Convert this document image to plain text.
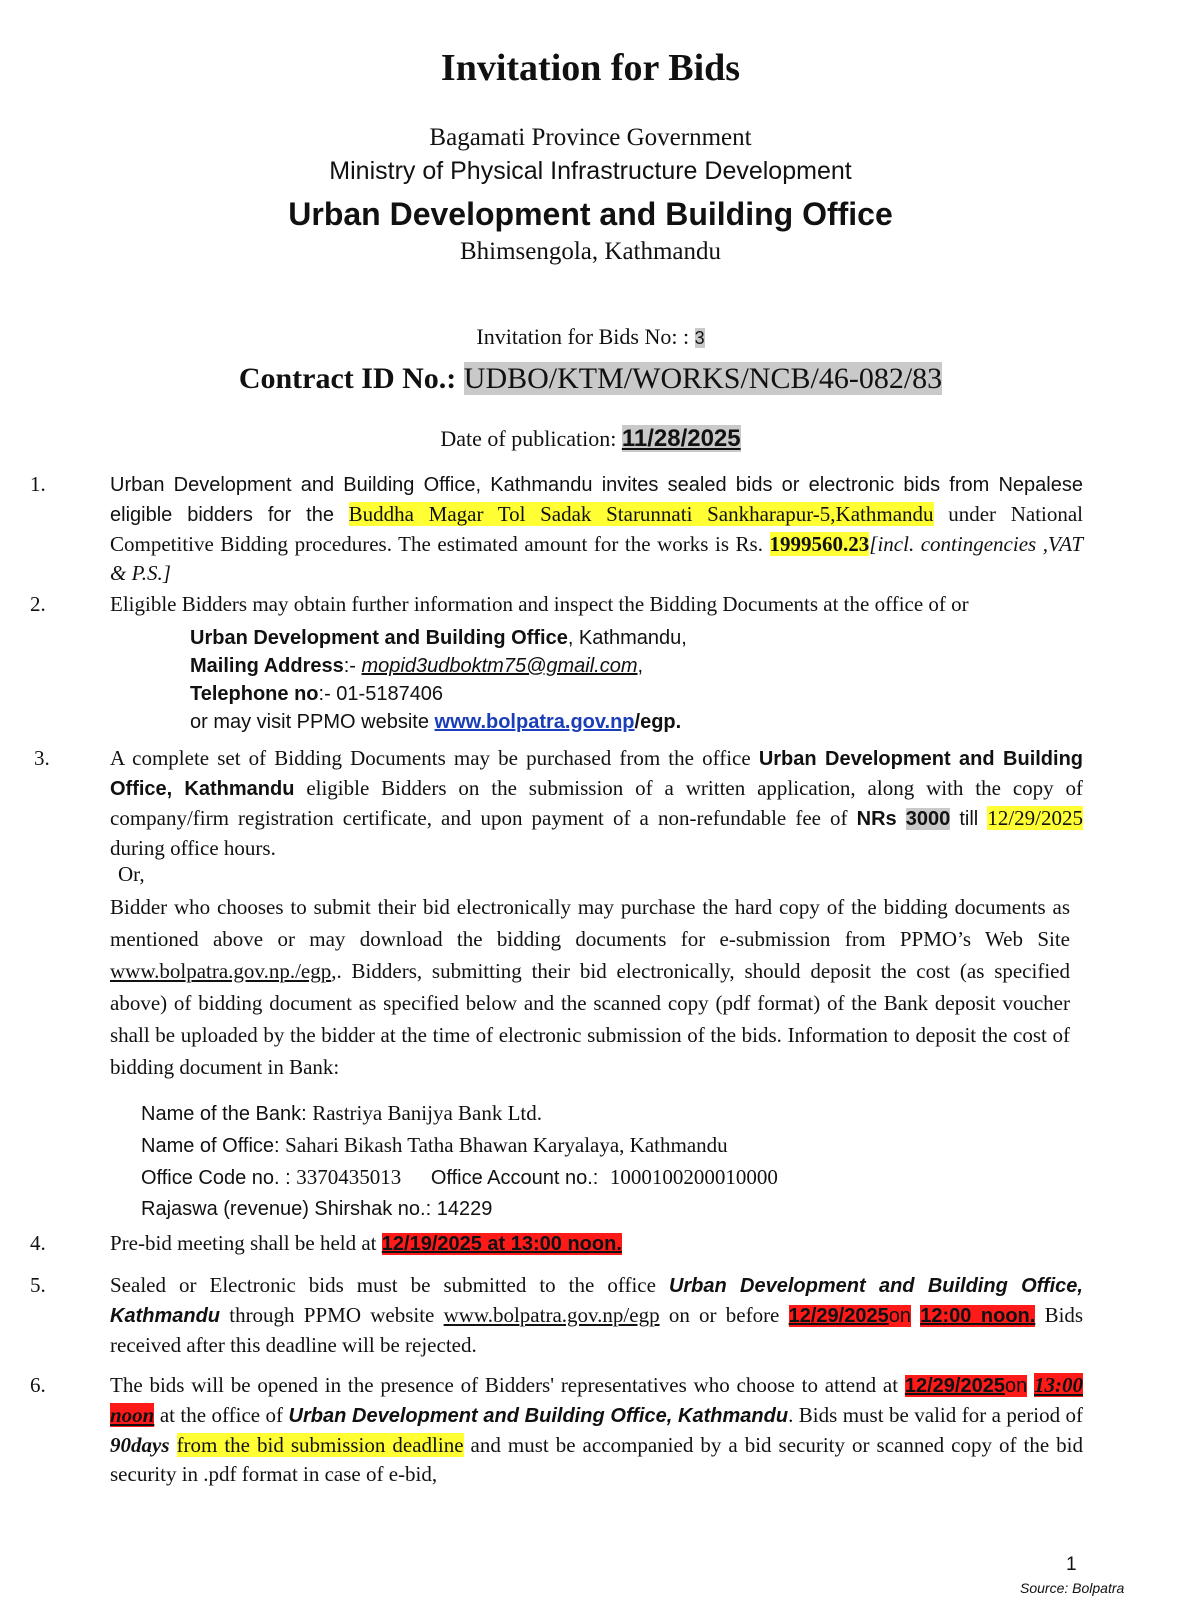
Invitation for Bids
Bagamati Province Government
Ministry of Physical Infrastructure Development
Urban Development and Building Office
Bhimsengola, Kathmandu
Invitation for Bids No: : 3
Contract ID No.: UDBO/KTM/WORKS/NCB/46-082/83
Date of publication: 11/28/2025
1.	Urban Development and Building Office, Kathmandu invites sealed bids or electronic bids from Nepalese eligible bidders for the Buddha Magar Tol Sadak Starunnati Sankharapur-5,Kathmandu under National Competitive Bidding procedures. The estimated amount for the works is Rs. 1999560.23[incl. contingencies ,VAT & P.S.]
2.	Eligible Bidders may obtain further information and inspect the Bidding Documents at the office of or
Urban Development and Building Office, Kathmandu,
Mailing Address:- mopid3udboktm75@gmail.com,
Telephone no:- 01-5187406
or may visit PPMO website www.bolpatra.gov.np/egp.
3.	A complete set of Bidding Documents may be purchased from the office Urban Development and Building Office, Kathmandu eligible Bidders on the submission of a written application, along with the copy of company/firm registration certificate, and upon payment of a non-refundable fee of NRs 3000 till 12/29/2025 during office hours.
Or,
Bidder who chooses to submit their bid electronically may purchase the hard copy of the bidding documents as mentioned above or may download the bidding documents for e-submission from PPMO’s Web Site www.bolpatra.gov.np./egp,. Bidders, submitting their bid electronically, should deposit the cost (as specified above) of bidding document as specified below and the scanned copy (pdf format) of the Bank deposit voucher shall be uploaded by the bidder at the time of electronic submission of the bids. Information to deposit the cost of bidding document in Bank:
Name of the Bank: Rastriya Banijya Bank Ltd.
Name of Office: Sahari Bikash Tatha Bhawan Karyalaya, Kathmandu
Office Code no. : 3370435013 Office Account no.: 1000100200010000
Rajaswa (revenue) Shirshak no.: 14229
4.	Pre-bid meeting shall be held at 12/19/2025 at 13:00 noon.
5.	Sealed or Electronic bids must be submitted to the office Urban Development and Building Office, Kathmandu through PPMO website www.bolpatra.gov.np/egp on or before 12/29/2025on 12:00 noon. Bids received after this deadline will be rejected.
6.	The bids will be opened in the presence of Bidders' representatives who choose to attend at 12/29/2025on 13:00 noon at the office of Urban Development and Building Office, Kathmandu. Bids must be valid for a period of 90days from the bid submission deadline and must be accompanied by a bid security or scanned copy of the bid security in .pdf format in case of e-bid,
1
Source: Bolpatra
